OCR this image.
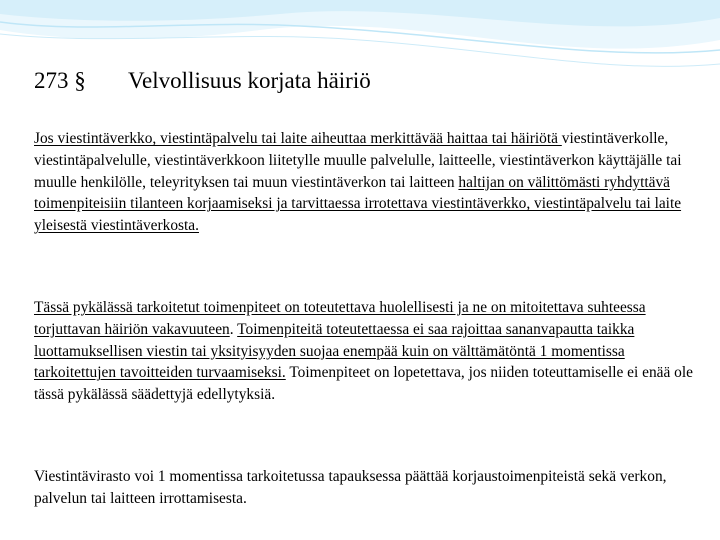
273 § Velvollisuus korjata häiriö
Jos viestintäverkko, viestintäpalvelu tai laite aiheuttaa merkittävää haittaa tai häiriötä viestintäverkolle, viestintäpalvelulle, viestintäverkkoon liitetylle muulle palvelulle, laitteelle, viestintäverkon käyttäjälle tai muulle henkilölle, teleyrityksen tai muun viestintäverkon tai laitteen haltijan on välittömästi ryhdyttävä toimenpiteisiin tilanteen korjaamiseksi ja tarvittaessa irrotettava viestintäverkko, viestintäpalvelu tai laite yleisestä viestintäverkosta.
Tässä pykälässä tarkoitetut toimenpiteet on toteutettava huolellisesti ja ne on mitoitettava suhteessa torjuttavan häiriön vakavuuteen. Toimenpiteitä toteutettaessa ei saa rajoittaa sananvapautta taikka luottamuksellisen viestin tai yksityisyyden suojaa enempää kuin on välttämätöntä 1 momentissa tarkoitettujen tavoitteiden turvaamiseksi. Toimenpiteet on lopetettava, jos niiden toteuttamiselle ei enää ole tässä pykälässä säädettyjä edellytyksiä.
Viestintävirasto voi 1 momentissa tarkoitetussa tapauksessa päättää korjaustoimenpiteistä sekä verkon, palvelun tai laitteen irrottamisesta.
